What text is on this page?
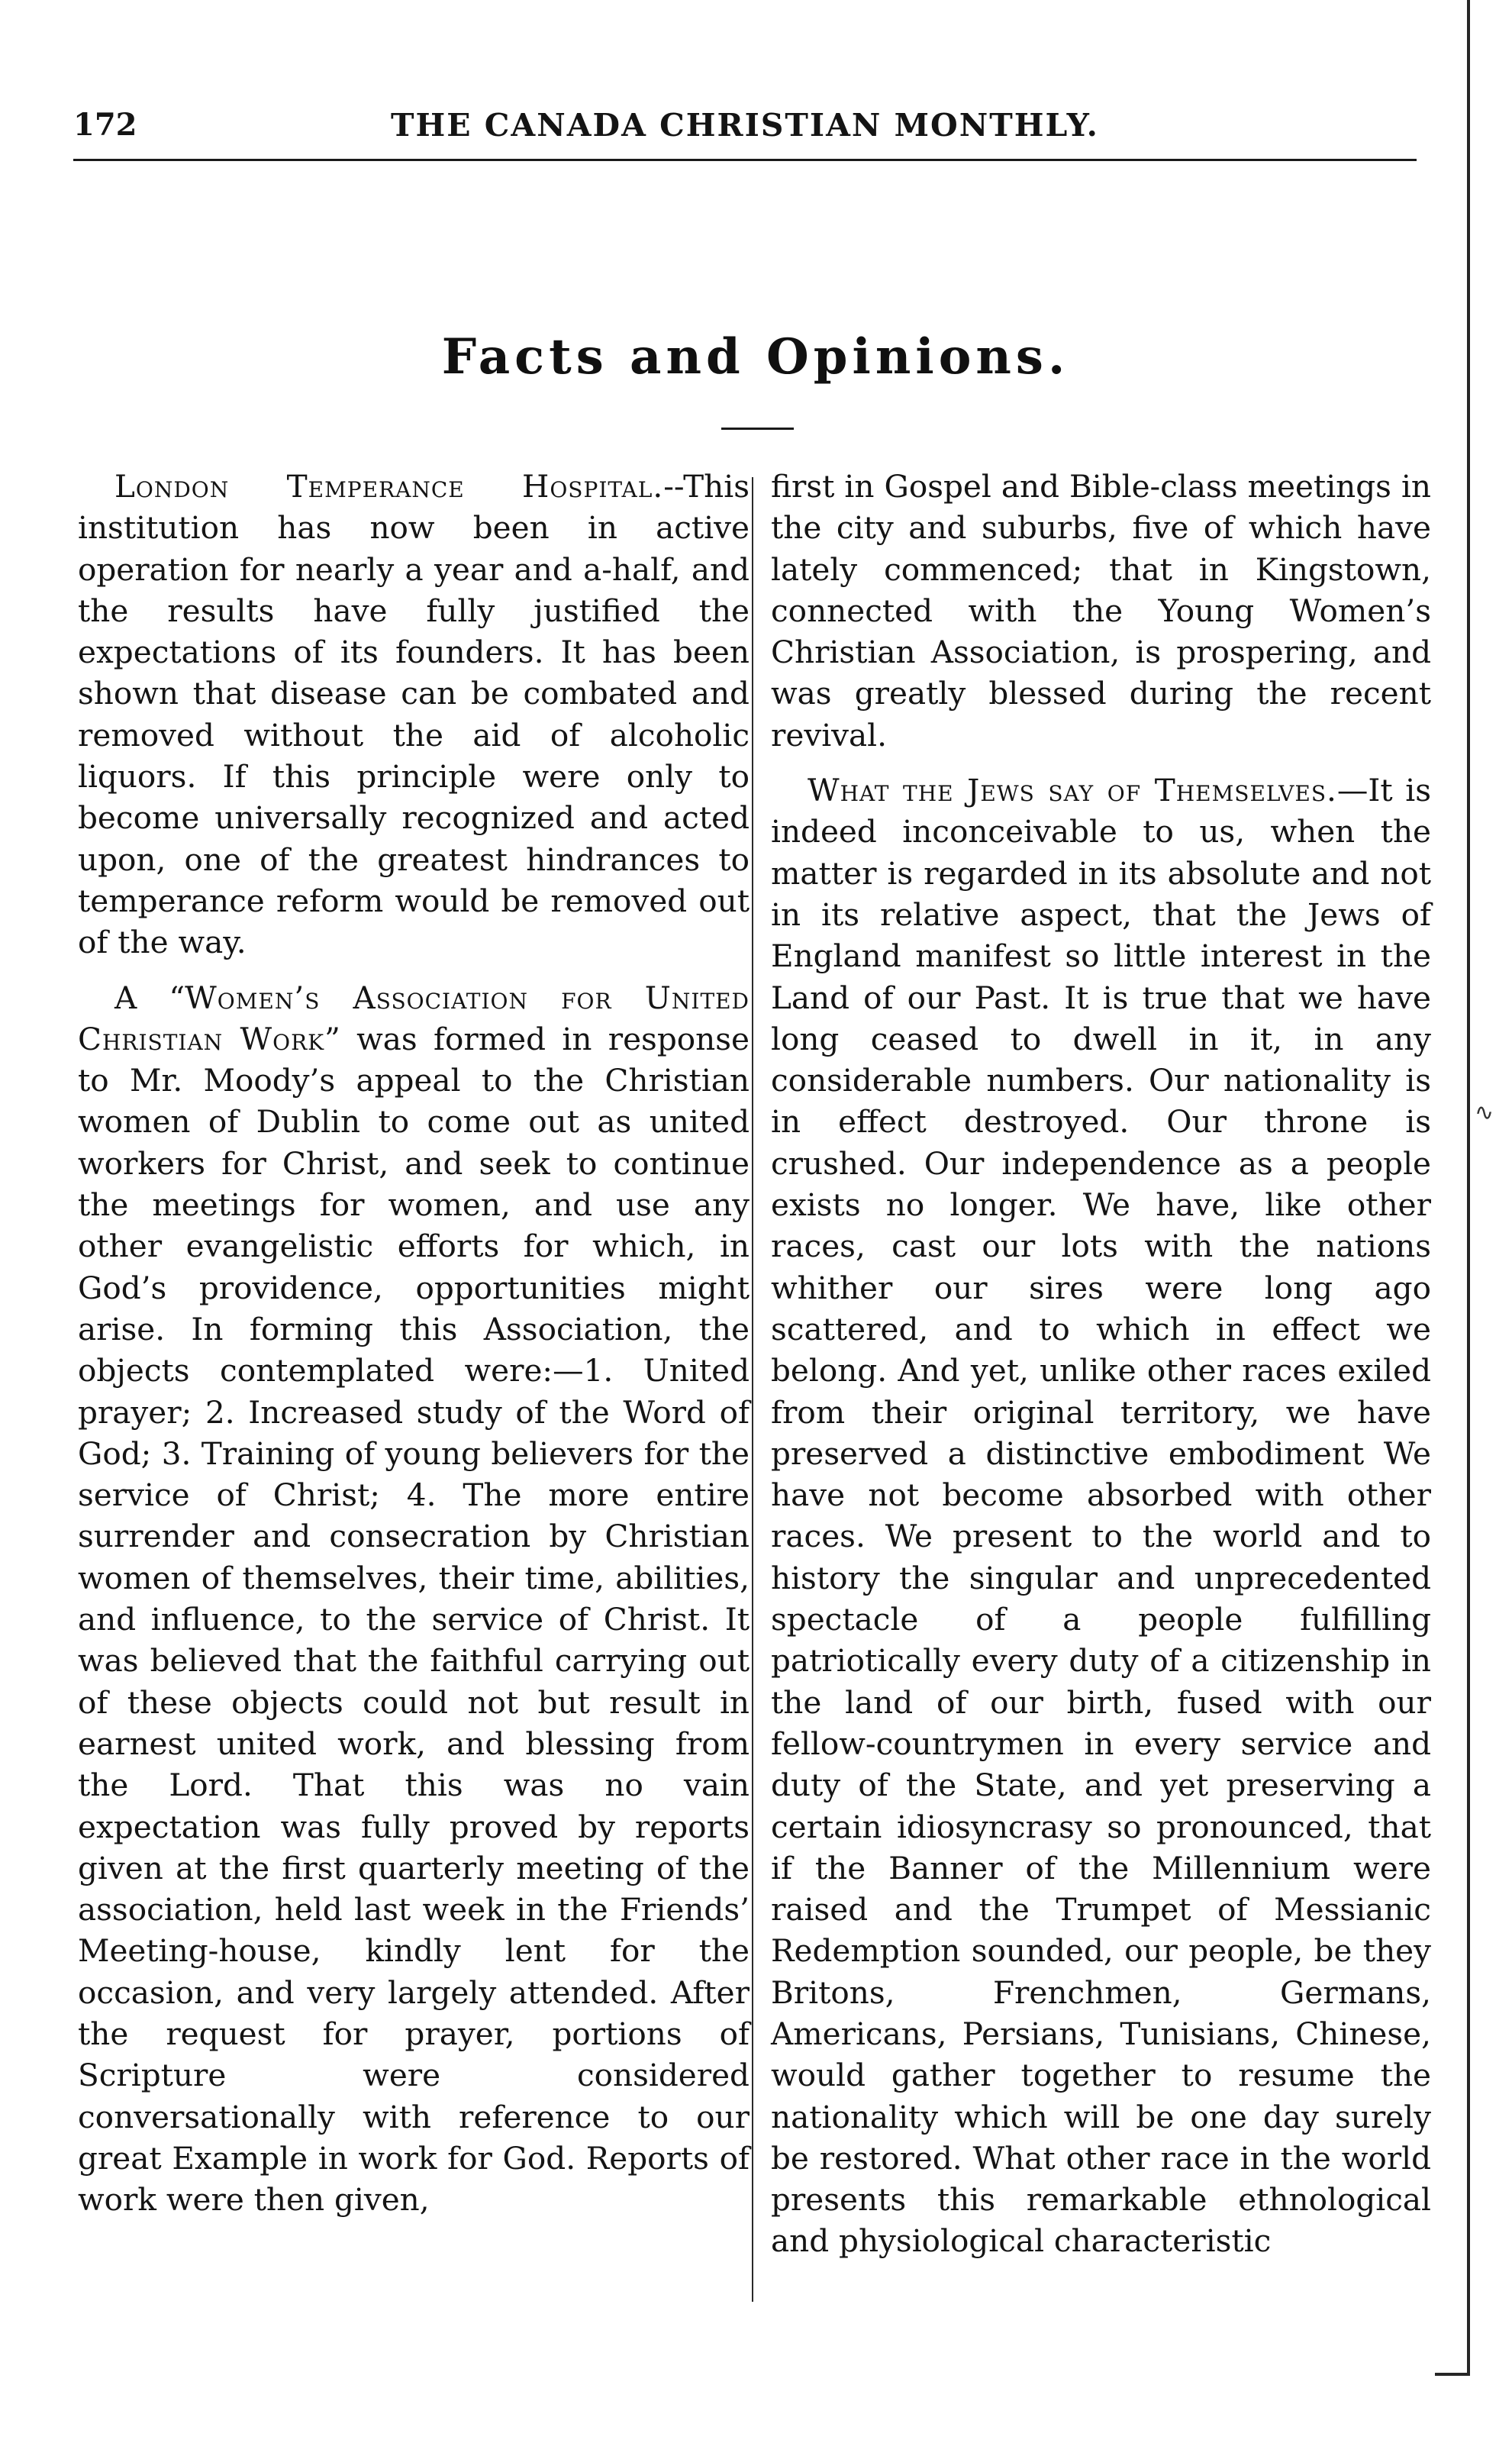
172	THE CANADA CHRISTIAN MONTHLY.
Facts and Opinions.

London Temperance Hospital.--This institution has now been in active operation for nearly a year and a-half, and the results have fully justified the expectations of its founders. It has been shown that disease can be combated and removed without the aid of alcoholic liquors. If this principle were only to become universally recognized and acted upon, one of the greatest hindrances to temperance reform would be removed out of the way.

A “Women’s Association for United Christian Work” was formed in response to Mr. Moody’s appeal to the Christian women of Dublin to come out as united workers for Christ, and seek to continue the meetings for women, and use any other evangelistic efforts for which, in God’s providence, opportunities might arise. In forming this Association, the objects contemplated were:—1. United prayer; 2. Increased study of the Word of God; 3. Training of young believers for the service of Christ; 4. The more entire surrender and consecration by Christian women of themselves, their time, abilities, and influence, to the service of Christ. It was believed that the faithful carrying out of these objects could not but result in earnest united work, and blessing from the Lord. That this was no vain expectation was fully proved by reports given at the first quarterly meeting of the association, held last week in the Friends’ Meeting-house, kindly lent for the occasion, and very largely attended. After the request for prayer, portions of Scripture were considered conversationally with reference to our great Example in work for God. Reports of work were then given,

first in Gospel and Bible-class meetings in the city and suburbs, five of which have lately commenced; that in Kingstown, connected with the Young Women’s Christian Association, is prospering, and was greatly blessed during the recent revival.

What the Jews say of Themselves.—It is indeed inconceivable to us, when the matter is regarded in its absolute and not in its relative aspect, that the Jews of England manifest so little interest in the Land of our Past. It is true that we have long ceased to dwell in it, in any considerable numbers. Our nationality is in effect destroyed. Our throne is crushed. Our independence as a people exists no longer. We have, like other races, cast our lots with the nations whither our sires were long ago scattered, and to which in effect we belong. And yet, unlike other races exiled from their original territory, we have preserved a distinctive embodiment We have not become absorbed with other races. We present to the world and to history the singular and unprecedented spectacle of a people fulfilling patriotically every duty of a citizenship in the land of our birth, fused with our fellow-countrymen in every service and duty of the State, and yet preserving a certain idiosyncrasy so pronounced, that if the Banner of the Millennium were raised and the Trumpet of Messianic Redemption sounded, our people, be they Britons, Frenchmen, Germans, Americans, Persians, Tunisians, Chinese, would gather together to resume the nationality which will be one day surely be restored. What other race in the world presents this remarkable ethnological and physiological characteristic

∿
